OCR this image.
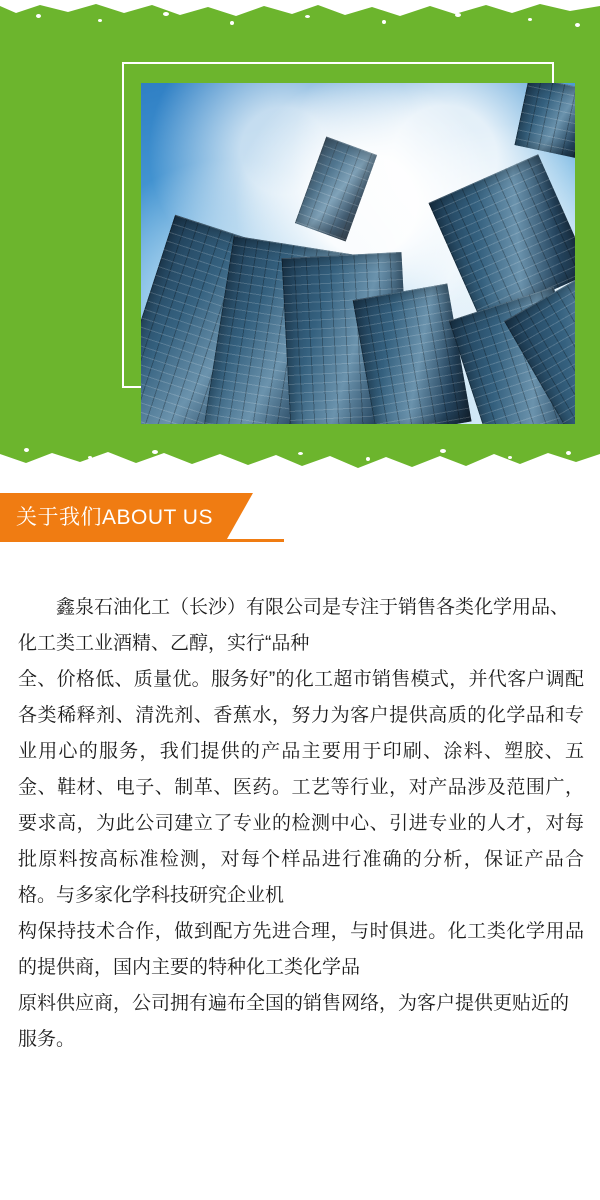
关于我们ABOUT US

鑫泉石油化工（长沙）有限公司是专注于销售各类化学用品、化工类工业酒精、乙醇，实行“品种

全、价格低、质量优。服务好”的化工超市销售模式，并代客户调配各类稀释剂、清洗剂、香蕉水，努力为客户提供高质的化学品和专业用心的服务，我们提供的产品主要用于印刷、涂料、塑胶、五金、鞋材、电子、制革、医药。工艺等行业，对产品涉及范围广，要求高，为此公司建立了专业的检测中心、引进专业的人才，对每批原料按高标准检测，对每个样品进行准确的分析，保证产品合格。与多家化学科技研究企业机

构保持技术合作，做到配方先进合理，与时俱进。化工类化学用品的提供商，国内主要的特种化工类化学品

原料供应商，公司拥有遍布全国的销售网络，为客户提供更贴近的服务。
